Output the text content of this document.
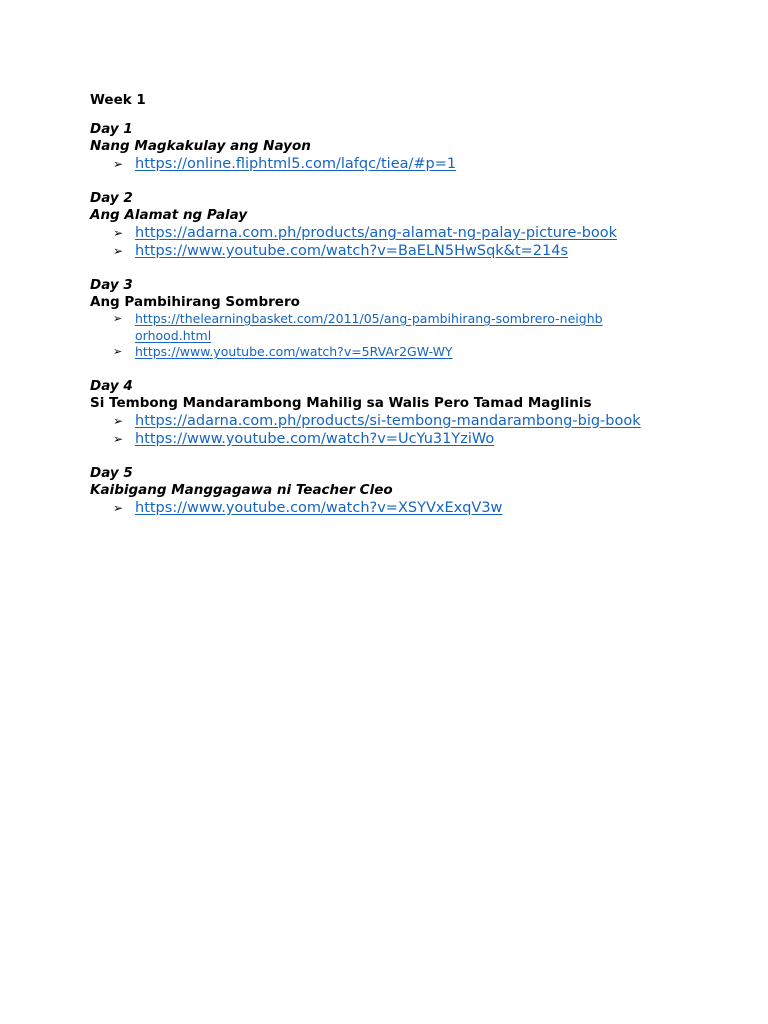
Week 1
Day 1
Nang Magkakulay ang Nayon
➢ https://online.fliphtml5.com/lafqc/tiea/#p=1
Day 2
Ang Alamat ng Palay
➢ https://adarna.com.ph/products/ang-alamat-ng-palay-picture-book
➢ https://www.youtube.com/watch?v=BaELN5HwSqk&t=214s
Day 3
Ang Pambihirang Sombrero
➢ https://thelearningbasket.com/2011/05/ang-pambihirang-sombrero-neighborhood.html
➢ https://www.youtube.com/watch?v=5RVAr2GW-WY
Day 4
Si Tembong Mandarambong Mahilig sa Walis Pero Tamad Maglinis
➢ https://adarna.com.ph/products/si-tembong-mandarambong-big-book
➢ https://www.youtube.com/watch?v=UcYu31YziWo
Day 5
Kaibigang Manggagawa ni Teacher Cleo
➢ https://www.youtube.com/watch?v=XSYVxExqV3w
